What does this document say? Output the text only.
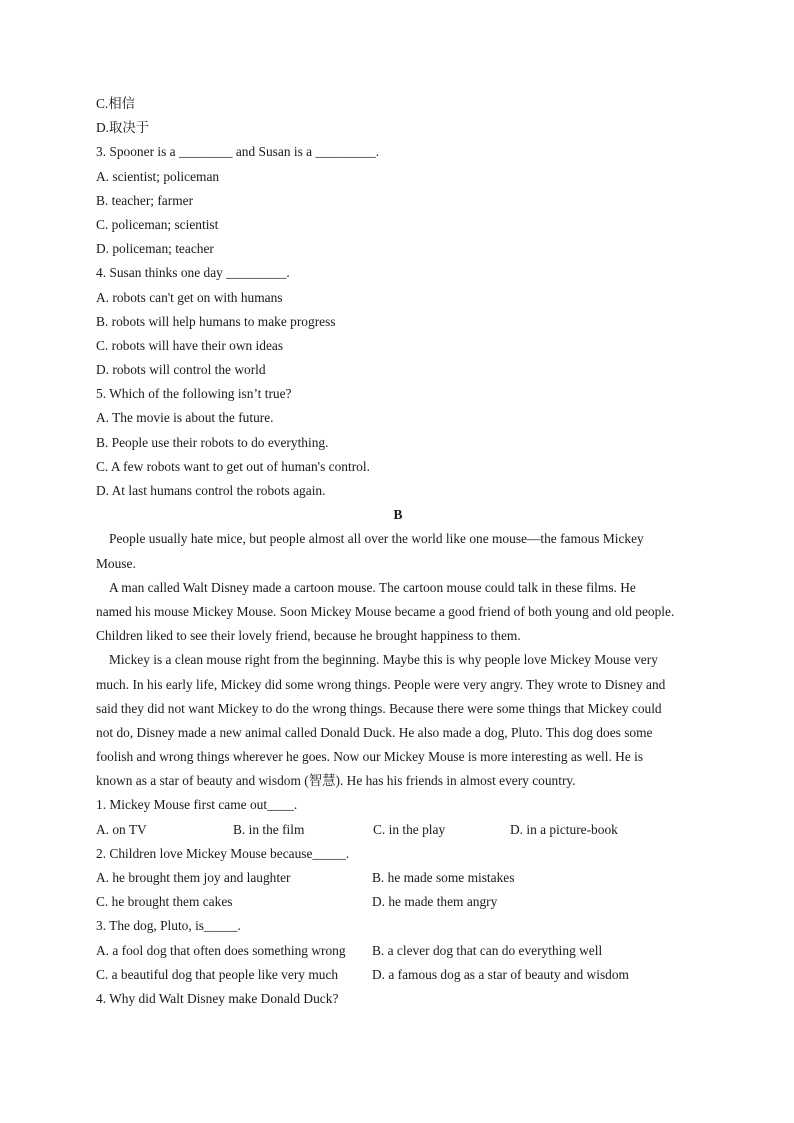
C.相信
D.取决于
3. Spooner is a ________ and Susan is a _________.
A. scientist; policeman
B. teacher; farmer
C. policeman; scientist
D. policeman; teacher
4. Susan thinks one day _________.
A. robots can't get on with humans
B. robots will help humans to make progress
C. robots will have their own ideas
D. robots will control the world
5. Which of the following isn’t true?
A. The movie is about the future.
B. People use their robots to do everything.
C. A few robots want to get out of human's control.
D. At last humans control the robots again.
B
People usually hate mice, but people almost all over the world like one mouse—the famous Mickey
Mouse.
A man called Walt Disney made a cartoon mouse. The cartoon mouse could talk in these films. He
named his mouse Mickey Mouse. Soon Mickey Mouse became a good friend of both young and old people.
Children liked to see their lovely friend, because he brought happiness to them.
Mickey is a clean mouse right from the beginning. Maybe this is why people love Mickey Mouse very
much. In his early life, Mickey did some wrong things. People were very angry. They wrote to Disney and
said they did not want Mickey to do the wrong things. Because there were some things that Mickey could
not do, Disney made a new animal called Donald Duck. He also made a dog, Pluto. This dog does some
foolish and wrong things wherever he goes. Now our Mickey Mouse is more interesting as well. He is
known as a star of beauty and wisdom (智慧). He has his friends in almost every country.
1. Mickey Mouse first came out____.
A. on TV	B. in the film	C. in the play	D. in a picture-book
2. Children love Mickey Mouse because_____.
A. he brought them joy and laughter	B. he made some mistakes
C. he brought them cakes	D. he made them angry
3. The dog, Pluto, is_____.
A. a fool dog that often does something wrong	B. a clever dog that can do everything well
C. a beautiful dog that people like very much	D. a famous dog as a star of beauty and wisdom
4. Why did Walt Disney make Donald Duck?
